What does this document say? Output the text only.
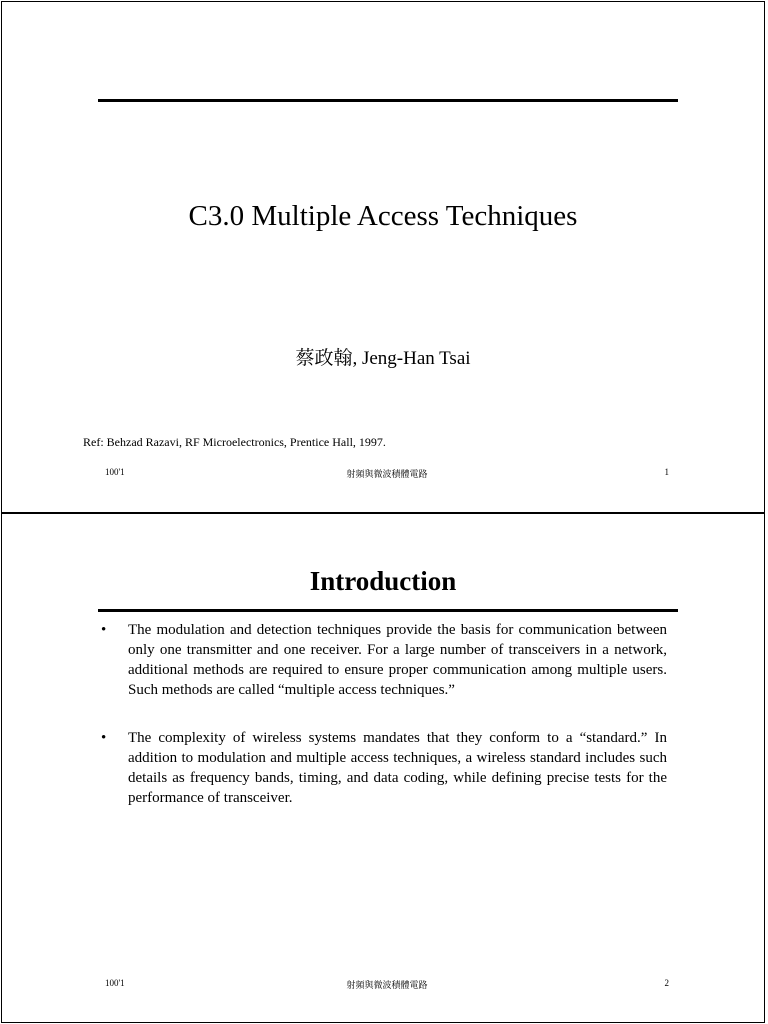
C3.0 Multiple Access Techniques
蔡政翰, Jeng-Han Tsai
Ref: Behzad Razavi, RF Microelectronics, Prentice Hall, 1997.
100'1	射頻與微波積體電路	1
Introduction
• The modulation and detection techniques provide the basis for communication between only one transmitter and one receiver. For a large number of transceivers in a network, additional methods are required to ensure proper communication among multiple users. Such methods are called “multiple access techniques.”
• The complexity of wireless systems mandates that they conform to a “standard.” In addition to modulation and multiple access techniques, a wireless standard includes such details as frequency bands, timing, and data coding, while defining precise tests for the performance of transceiver.
100'1	射頻與微波積體電路	2
